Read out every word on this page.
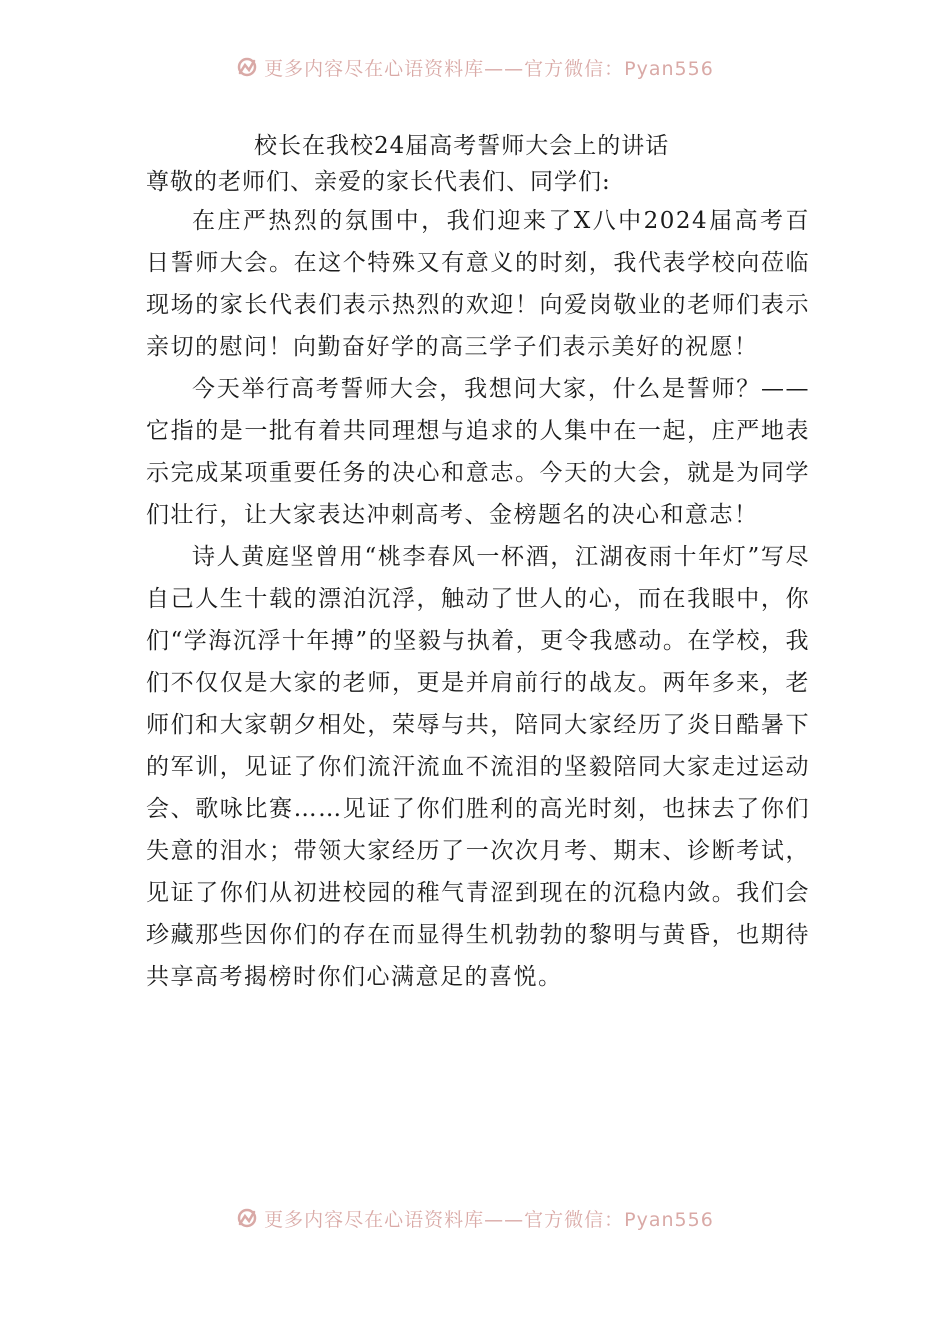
更多内容尽在心语资料库——官方微信：Pyan556
校长在我校24届高考誓师大会上的讲话

尊敬的老师们、亲爱的家长代表们、同学们:

在庄严热烈的氛围中，我们迎来了X八中2024届高考百日誓师大会。在这个特殊又有意义的时刻，我代表学校向莅临现场的家长代表们表示热烈的欢迎！向爱岗敬业的老师们表示亲切的慰问！向勤奋好学的高三学子们表示美好的祝愿！

今天举行高考誓师大会，我想问大家，什么是誓师？——它指的是一批有着共同理想与追求的人集中在一起，庄严地表示完成某项重要任务的决心和意志。今天的大会，就是为同学们壮行，让大家表达冲刺高考、金榜题名的决心和意志！

诗人黄庭坚曾用“桃李春风一杯酒，江湖夜雨十年灯”写尽自己人生十载的漂泊沉浮，触动了世人的心，而在我眼中，你们“学海沉浮十年搏”的坚毅与执着，更令我感动。在学校，我们不仅仅是大家的老师，更是并肩前行的战友。两年多来，老师们和大家朝夕相处，荣辱与共，陪同大家经历了炎日酷暑下的军训，见证了你们流汗流血不流泪的坚毅陪同大家走过运动会、歌咏比赛……见证了你们胜利的高光时刻，也抹去了你们失意的泪水；带领大家经历了一次次月考、期末、诊断考试，见证了你们从初进校园的稚气青涩到现在的沉稳内敛。我们会珍藏那些因你们的存在而显得生机勃勃的黎明与黄昏，也期待共享高考揭榜时你们心满意足的喜悦。

更多内容尽在心语资料库——官方微信：Pyan556
